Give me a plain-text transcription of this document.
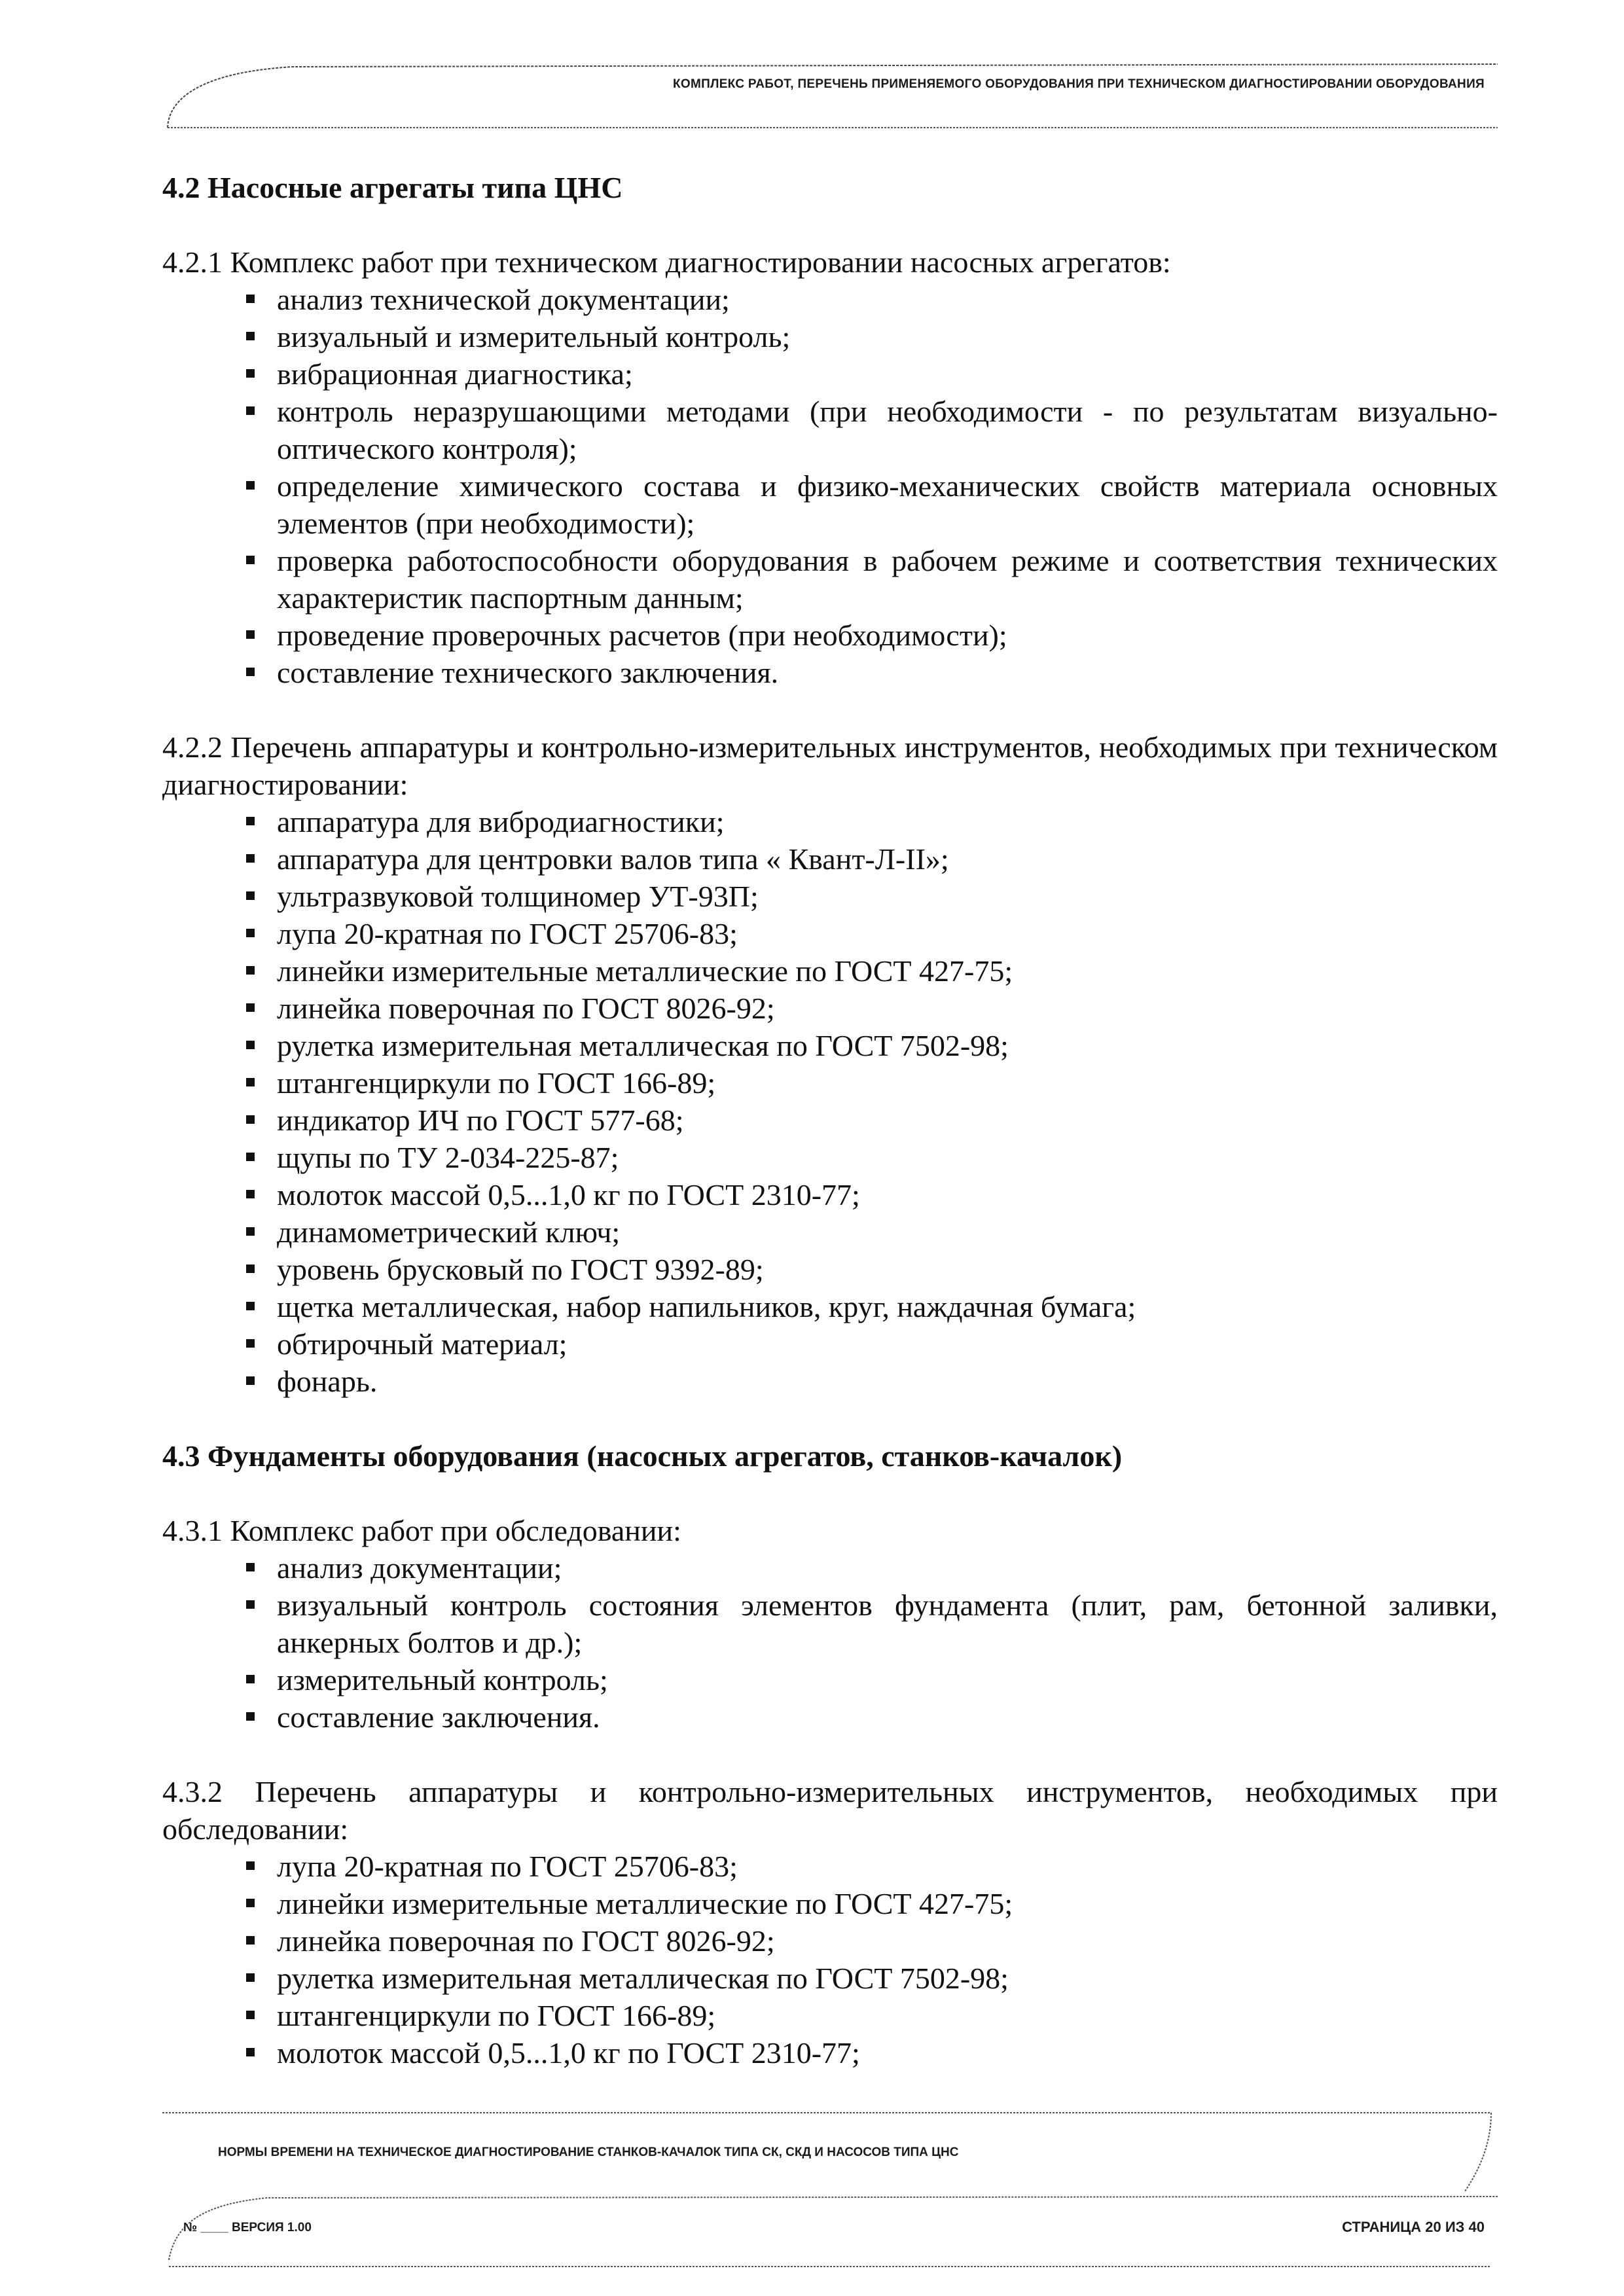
КОМПЛЕКС РАБОТ, ПЕРЕЧЕНЬ ПРИМЕНЯЕМОГО ОБОРУДОВАНИЯ ПРИ ТЕХНИЧЕСКОМ ДИАГНОСТИРОВАНИИ ОБОРУДОВАНИЯ
4.2 Насосные агрегаты типа ЦНС

4.2.1 Комплекс работ при техническом диагностировании насосных агрегатов:

анализ технической документации;
визуальный и измерительный контроль;
вибрационная диагностика;
контроль неразрушающими методами (при необходимости - по результатам визуально-оптического контроля);
определение химического состава и физико-механических свойств материала основных элементов (при необходимости);
проверка работоспособности оборудования в рабочем режиме и соответствия технических характеристик паспортным данным;
проведение проверочных расчетов (при необходимости);
составление технического заключения.

4.2.2 Перечень аппаратуры и контрольно-измерительных инструментов, необходимых при техническом диагностировании:

аппаратура для вибродиагностики;
аппаратура для центровки валов типа « Квант-Л-II»;
ультразвуковой толщиномер УТ-93П;
лупа 20-кратная по ГОСТ 25706-83;
линейки измерительные металлические по ГОСТ 427-75;
линейка поверочная по ГОСТ 8026-92;
рулетка измерительная металлическая по ГОСТ 7502-98;
штангенциркули по ГОСТ 166-89;
индикатор ИЧ по ГОСТ 577-68;
щупы по ТУ 2-034-225-87;
молоток массой 0,5...1,0 кг по ГОСТ 2310-77;
динамометрический ключ;
уровень брусковый по ГОСТ 9392-89;
щетка металлическая, набор напильников, круг, наждачная бумага;
обтирочный материал;
фонарь.
4.3 Фундаменты оборудования (насосных агрегатов, станков-качалок)

4.3.1 Комплекс работ при обследовании:

анализ документации;
визуальный контроль состояния элементов фундамента (плит, рам, бетонной заливки, анкерных болтов и др.);
измерительный контроль;
составление заключения.

4.3.2 Перечень аппаратуры и контрольно-измерительных инструментов, необходимых при обследовании:

лупа 20-кратная по ГОСТ 25706-83;
линейки измерительные металлические по ГОСТ 427-75;
линейка поверочная по ГОСТ 8026-92;
рулетка измерительная металлическая по ГОСТ 7502-98;
штангенциркули по ГОСТ 166-89;
молоток массой 0,5...1,0 кг по ГОСТ 2310-77;
НОРМЫ ВРЕМЕНИ НА ТЕХНИЧЕСКОЕ ДИАГНОСТИРОВАНИЕ СТАНКОВ-КАЧАЛОК ТИПА СК, СКД И НАСОСОВ ТИПА ЦНС
№ ____ ВЕРСИЯ 1.00	СТРАНИЦА 20 ИЗ 40
